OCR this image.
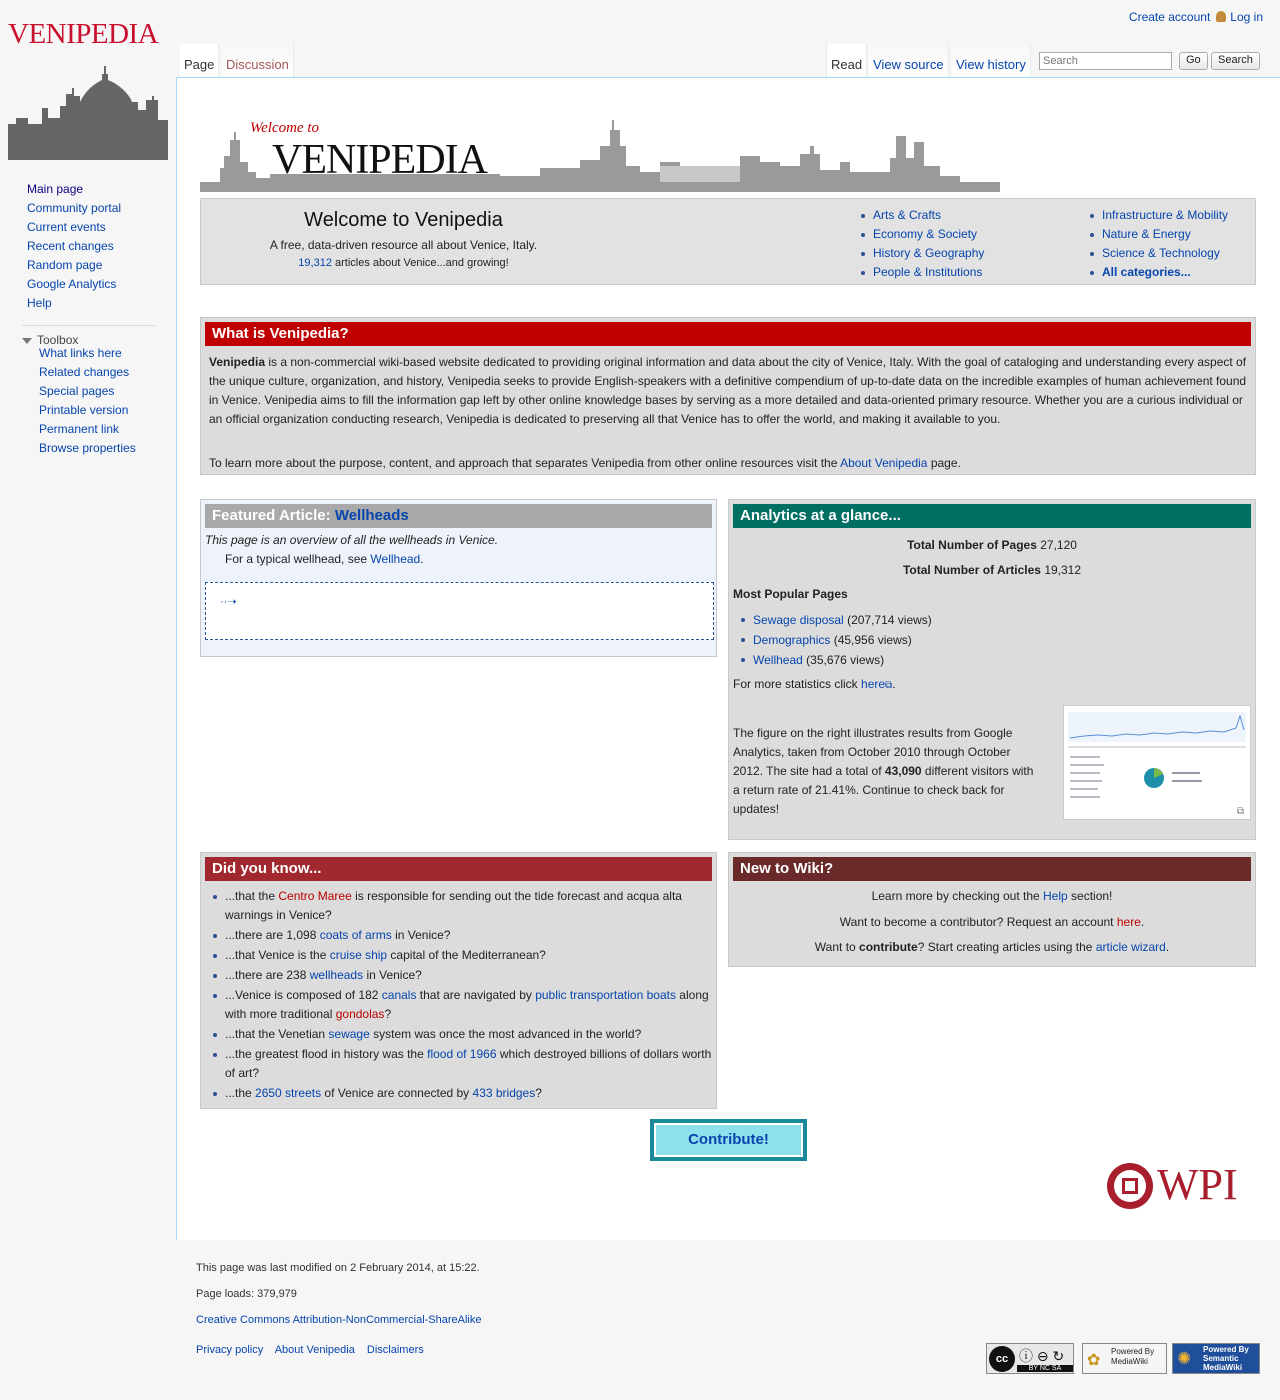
VENIPEDIA
Create account Log in
Page Discussion	Read View source View history
Search	Go	Search
Main page
Community portal
Current events
Recent changes
Random page
Google Analytics
Help
Toolbox
What links here
Related changes
Special pages
Printable version
Permanent link
Browse properties
Welcome to
VENIPEDIA
Welcome to Venipedia
A free, data-driven resource all about Venice, Italy.
19,312 articles about Venice...and growing!
Arts & Crafts
Economy & Society
History & Geography
People & Institutions
Infrastructure & Mobility
Nature & Energy
Science & Technology
All categories...
What is Venipedia?
Venipedia is a non-commercial wiki-based website dedicated to providing original information and data about the city of Venice, Italy. With the goal of cataloging and understanding every aspect of the unique culture, organization, and history, Venipedia seeks to provide English-speakers with a definitive compendium of up-to-date data on the incredible examples of human achievement found in Venice. Venipedia aims to fill the information gap left by other online knowledge bases by serving as a more detailed and data-oriented primary resource. Whether you are a curious individual or an official organization conducting research, Venipedia is dedicated to preserving all that Venice has to offer the world, and making it available to you.
To learn more about the purpose, content, and approach that separates Venipedia from other online resources visit the About Venipedia page.
Featured Article: Wellheads
This page is an overview of all the wellheads in Venice.
For a typical wellhead, see Wellhead.
··➝
Analytics at a glance...
Total Number of Pages 27,120
Total Number of Articles 19,312
Most Popular Pages
Sewage disposal (207,714 views)
Demographics (45,956 views)
Wellhead (35,676 views)
For more statistics click here⧉.
The figure on the right illustrates results from Google Analytics, taken from October 2010 through October 2012. The site had a total of 43,090 different visitors with a return rate of 21.41%. Continue to check back for updates!	⧉
Did you know...
...that the Centro Maree is responsible for sending out the tide forecast and acqua alta warnings in Venice?
...there are 1,098 coats of arms in Venice?
...that Venice is the cruise ship capital of the Mediterranean?
...there are 238 wellheads in Venice?
...Venice is composed of 182 canals that are navigated by public transportation boats along with more traditional gondolas?
...that the Venetian sewage system was once the most advanced in the world?
...the greatest flood in history was the flood of 1966 which destroyed billions of dollars worth of art?
...the 2650 streets of Venice are connected by 433 bridges?
New to Wiki?
Learn more by checking out the Help section!
Want to become a contributor? Request an account here.
Want to contribute? Start creating articles using the article wizard.
Contribute!
WPI
This page was last modified on 2 February 2014, at 15:22.
Page loads: 379,979
Creative Commons Attribution-NonCommercial-ShareAlike
Privacy policy About Venipedia Disclaimers
cc ⓘ ⊖ ↻
BY NC SA	✿
Powered By MediaWiki	✺ Powered By Semantic MediaWiki
